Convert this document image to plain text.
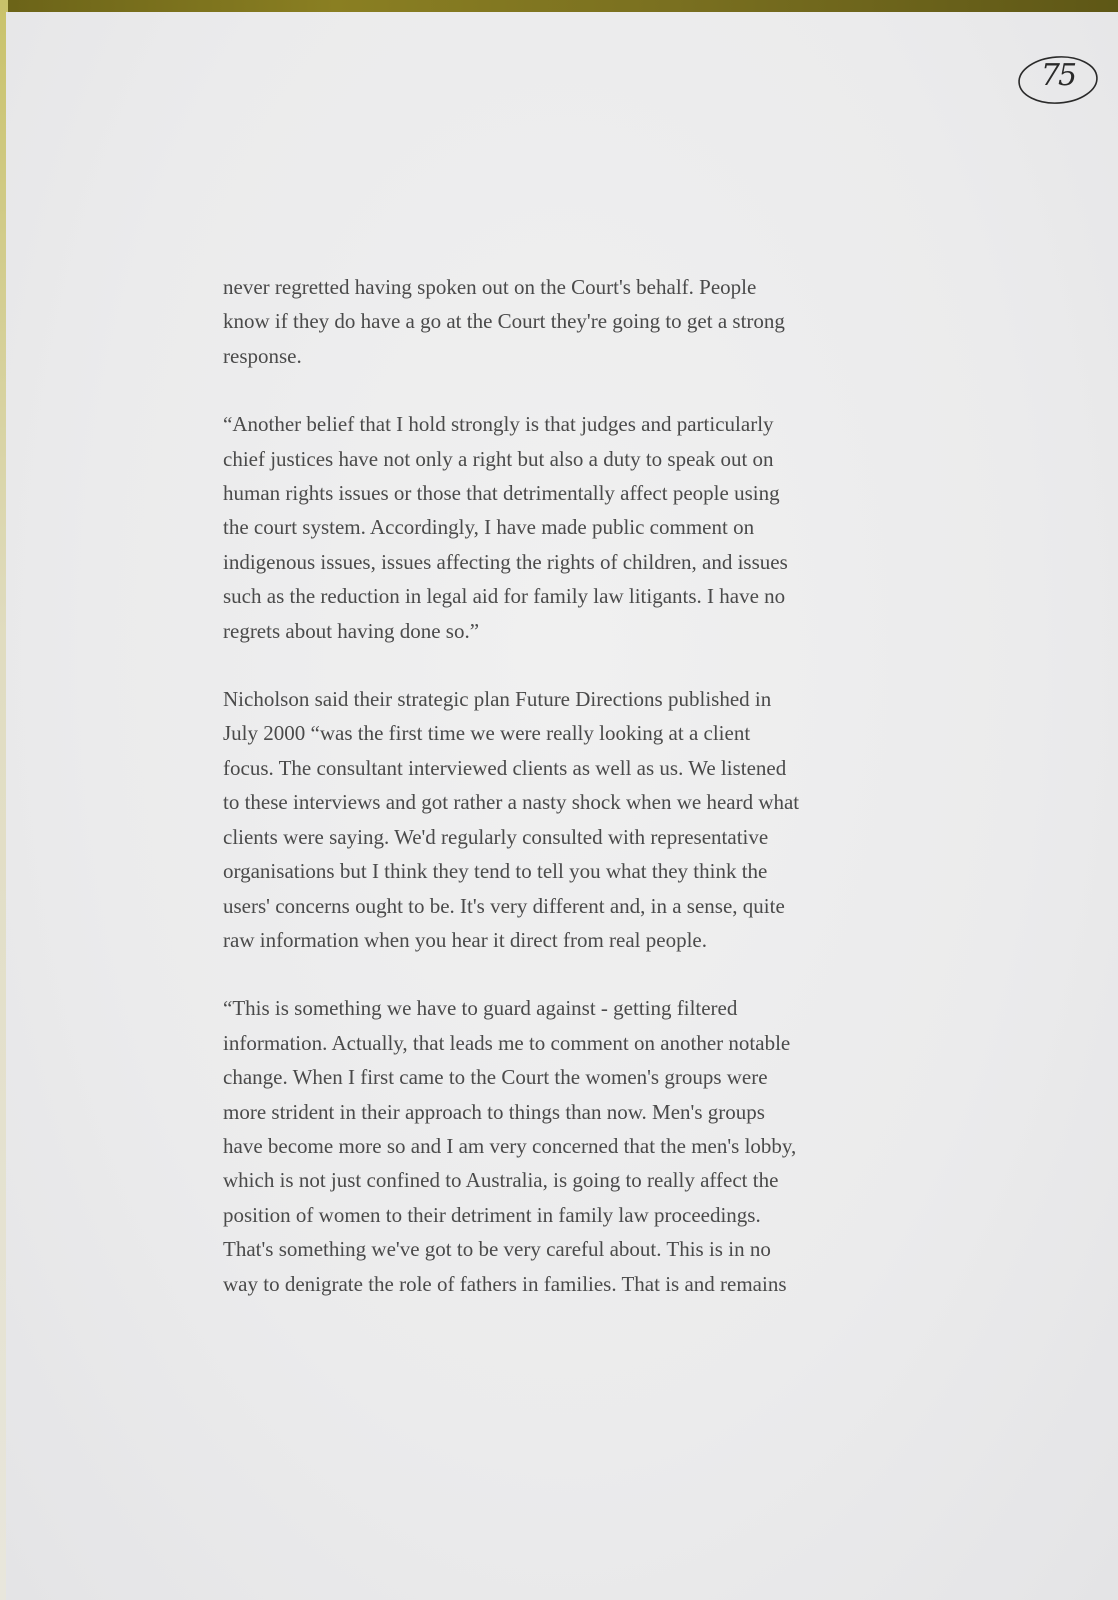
75

never regretted having spoken out on the Court's behalf. People
know if they do have a go at the Court they're going to get a strong
response.

“Another belief that I hold strongly is that judges and particularly
chief justices have not only a right but also a duty to speak out on
human rights issues or those that detrimentally affect people using
the court system. Accordingly, I have made public comment on
indigenous issues, issues affecting the rights of children, and issues
such as the reduction in legal aid for family law litigants. I have no
regrets about having done so.”

Nicholson said their strategic plan Future Directions published in
July 2000 “was the first time we were really looking at a client
focus. The consultant interviewed clients as well as us. We listened
to these interviews and got rather a nasty shock when we heard what
clients were saying. We'd regularly consulted with representative
organisations but I think they tend to tell you what they think the
users' concerns ought to be. It's very different and, in a sense, quite
raw information when you hear it direct from real people.

“This is something we have to guard against - getting filtered
information. Actually, that leads me to comment on another notable
change. When I first came to the Court the women's groups were
more strident in their approach to things than now. Men's groups
have become more so and I am very concerned that the men's lobby,
which is not just confined to Australia, is going to really affect the
position of women to their detriment in family law proceedings.
That's something we've got to be very careful about. This is in no
way to denigrate the role of fathers in families. That is and remains
